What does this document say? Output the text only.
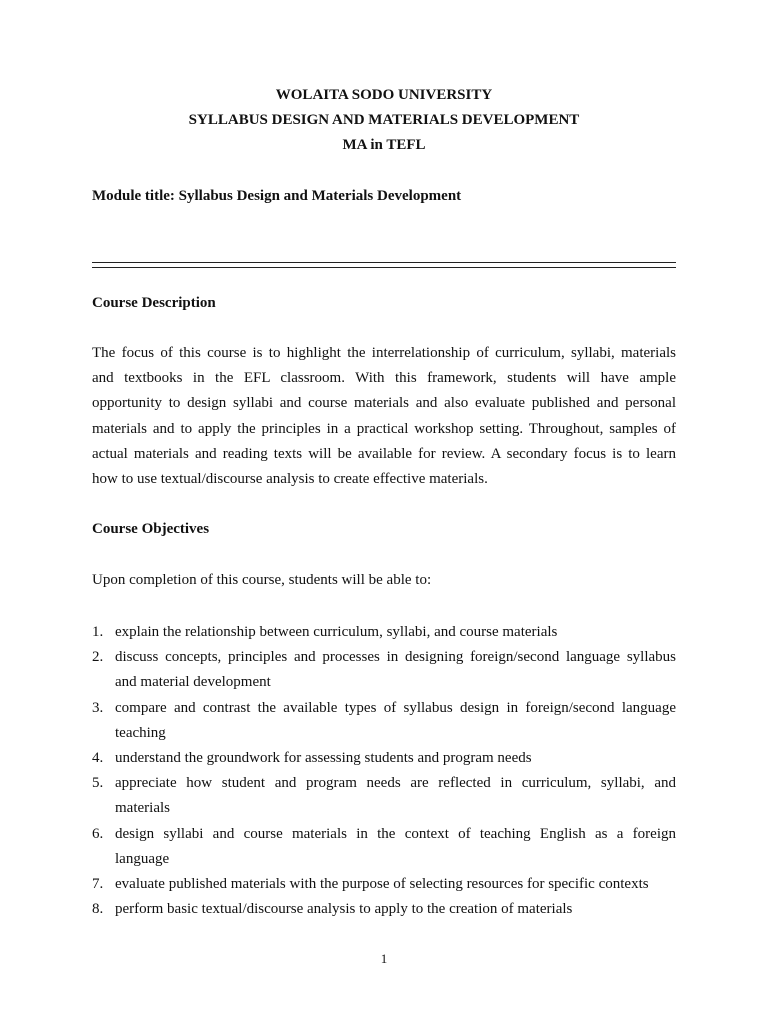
WOLAITA SODO UNIVERSITY
SYLLABUS DESIGN AND MATERIALS DEVELOPMENT
MA in TEFL
Module title: Syllabus Design and Materials Development
Course Description
The focus of this course is to highlight the interrelationship of curriculum, syllabi, materials
and textbooks in the EFL classroom. With this framework, students will have ample
opportunity to design syllabi and course materials and also evaluate published and personal
materials and to apply the principles in a practical workshop setting. Throughout, samples of
actual materials and reading texts will be available for review. A secondary focus is to learn
how to use textual/discourse analysis to create effective materials.
Course Objectives
Upon completion of this course, students will be able to:
1. explain the relationship between curriculum, syllabi, and course materials
2. discuss concepts, principles and processes in designing foreign/second language syllabus
and material development
3. compare and contrast the available types of syllabus design in foreign/second language
teaching
4. understand the groundwork for assessing students and program needs
5. appreciate how student and program needs are reflected in curriculum, syllabi, and
materials
6. design syllabi and course materials in the context of teaching English as a foreign
language
7. evaluate published materials with the purpose of selecting resources for specific contexts
8. perform basic textual/discourse analysis to apply to the creation of materials
1
